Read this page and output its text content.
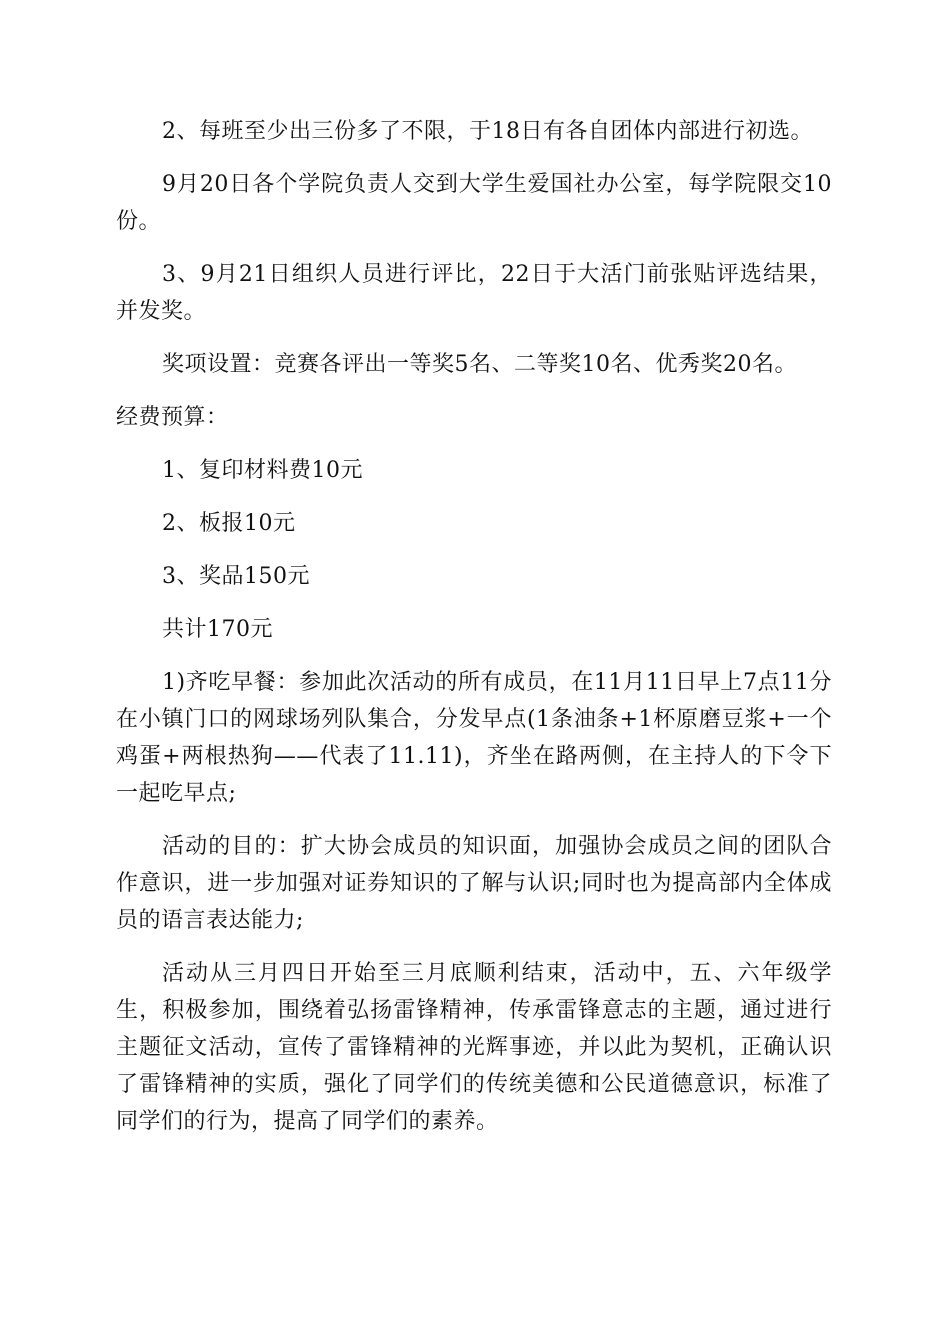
2、每班至少出三份多了不限，于18日有各自团体内部进行初选。

9月20日各个学院负责人交到大学生爱国社办公室，每学院限交10份。

3、9月21日组织人员进行评比，22日于大活门前张贴评选结果，并发奖。

奖项设置：竞赛各评出一等奖5名、二等奖10名、优秀奖20名。

经费预算：

1、复印材料费10元

2、板报10元

3、奖品150元

共计170元

1)齐吃早餐：参加此次活动的所有成员，在11月11日早上7点11分在小镇门口的网球场列队集合，分发早点(1条油条+1杯原磨豆浆+一个鸡蛋+两根热狗——代表了11.11)，齐坐在路两侧，在主持人的下令下一起吃早点;

活动的目的：扩大协会成员的知识面，加强协会成员之间的团队合作意识，进一步加强对证券知识的了解与认识;同时也为提高部内全体成员的语言表达能力;

活动从三月四日开始至三月底顺利结束，活动中，五、六年级学生，积极参加，围绕着弘扬雷锋精神，传承雷锋意志的主题，通过进行主题征文活动，宣传了雷锋精神的光辉事迹，并以此为契机，正确认识了雷锋精神的实质，强化了同学们的传统美德和公民道德意识，标准了同学们的行为，提高了同学们的素养。
